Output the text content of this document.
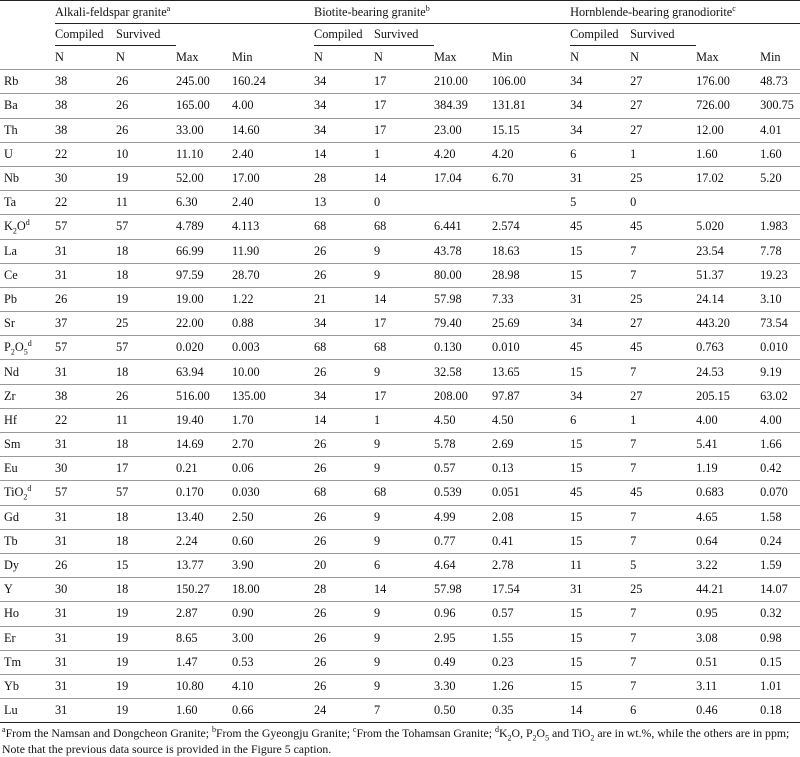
	Alkali-feldspar granite$^a$				Biotite-bearing granite$^b$				Hornblende-bearing granodiorite$^c$
	Compiled	Survived			Compiled	Survived			Compiled	Survived		
	N	N	Max	Min	N	N	Max	Min	N	N	Max	Min
Rb	38	26	245.00	160.24	34	17	210.00	106.00	34	27	176.00	48.73
Ba	38	26	165.00	4.00	34	17	384.39	131.81	34	27	726.00	300.75
Th	38	26	33.00	14.60	34	17	23.00	15.15	34	27	12.00	4.01
U	22	10	11.10	2.40	14	1	4.20	4.20	6	1	1.60	1.60
Nb	30	19	52.00	17.00	28	14	17.04	6.70	31	25	17.02	5.20
Ta	22	11	6.30	2.40	13	0			5	0		
$K_2O^d$	57	57	4.789	4.113	68	68	6.441	2.574	45	45	5.020	1.983
La	31	18	66.99	11.90	26	9	43.78	18.63	15	7	23.54	7.78
Ce	31	18	97.59	28.70	26	9	80.00	28.98	15	7	51.37	19.23
Pb	26	19	19.00	1.22	21	14	57.98	7.33	31	25	24.14	3.10
Sr	37	25	22.00	0.88	34	17	79.40	25.69	34	27	443.20	73.54
$P_2O_5^d$	57	57	0.020	0.003	68	68	0.130	0.010	45	45	0.763	0.010
Nd	31	18	63.94	10.00	26	9	32.58	13.65	15	7	24.53	9.19
Zr	38	26	516.00	135.00	34	17	208.00	97.87	34	27	205.15	63.02
Hf	22	11	19.40	1.70	14	1	4.50	4.50	6	1	4.00	4.00
Sm	31	18	14.69	2.70	26	9	5.78	2.69	15	7	5.41	1.66
Eu	30	17	0.21	0.06	26	9	0.57	0.13	15	7	1.19	0.42
TiO$_2^d$	57	57	0.170	0.030	68	68	0.539	0.051	45	45	0.683	0.070
Gd	31	18	13.40	2.50	26	9	4.99	2.08	15	7	4.65	1.58
Tb	31	18	2.24	0.60	26	9	0.77	0.41	15	7	0.64	0.24
Dy	26	15	13.77	3.90	20	6	4.64	2.78	11	5	3.22	1.59
Y	30	18	150.27	18.00	28	14	57.98	17.54	31	25	44.21	14.07
Ho	31	19	2.87	0.90	26	9	0.96	0.57	15	7	0.95	0.32
Er	31	19	8.65	3.00	26	9	2.95	1.55	15	7	3.08	0.98
Tm	31	19	1.47	0.53	26	9	0.49	0.23	15	7	0.51	0.15
Yb	31	19	10.80	4.10	26	9	3.30	1.26	15	7	3.11	1.01
Lu	31	19	1.60	0.66	24	7	0.50	0.35	14	6	0.46	0.18
$^a$From the Namsan and Dongcheon Granite; $^b$From the Gyeongju Granite; $^c$From the Tohamsan Granite; $^dK_2O$, $P_2O_5$ and TiO$_2$ are in wt.%, while the others are in ppm; Note that the previous data source is provided in the Figure 5 caption.
